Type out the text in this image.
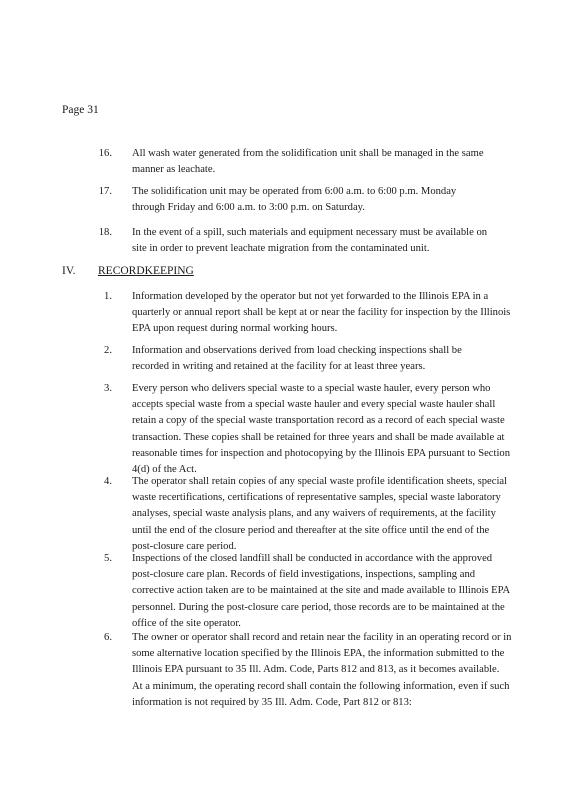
Page 31
16. All wash water generated from the solidification unit shall be managed in the same manner as leachate.
17. The solidification unit may be operated from 6:00 a.m. to 6:00 p.m. Monday through Friday and 6:00 a.m. to 3:00 p.m. on Saturday.
18. In the event of a spill, such materials and equipment necessary must be available on site in order to prevent leachate migration from the contaminated unit.
IV. RECORDKEEPING
1. Information developed by the operator but not yet forwarded to the Illinois EPA in a quarterly or annual report shall be kept at or near the facility for inspection by the Illinois EPA upon request during normal working hours.
2. Information and observations derived from load checking inspections shall be recorded in writing and retained at the facility for at least three years.
3. Every person who delivers special waste to a special waste hauler, every person who accepts special waste from a special waste hauler and every special waste hauler shall retain a copy of the special waste transportation record as a record of each special waste transaction. These copies shall be retained for three years and shall be made available at reasonable times for inspection and photocopying by the Illinois EPA pursuant to Section 4(d) of the Act.
4. The operator shall retain copies of any special waste profile identification sheets, special waste recertifications, certifications of representative samples, special waste laboratory analyses, special waste analysis plans, and any waivers of requirements, at the facility until the end of the closure period and thereafter at the site office until the end of the post-closure care period.
5. Inspections of the closed landfill shall be conducted in accordance with the approved post-closure care plan. Records of field investigations, inspections, sampling and corrective action taken are to be maintained at the site and made available to Illinois EPA personnel. During the post-closure care period, those records are to be maintained at the office of the site operator.
6. The owner or operator shall record and retain near the facility in an operating record or in some alternative location specified by the Illinois EPA, the information submitted to the Illinois EPA pursuant to 35 Ill. Adm. Code, Parts 812 and 813, as it becomes available. At a minimum, the operating record shall contain the following information, even if such information is not required by 35 Ill. Adm. Code, Part 812 or 813:
